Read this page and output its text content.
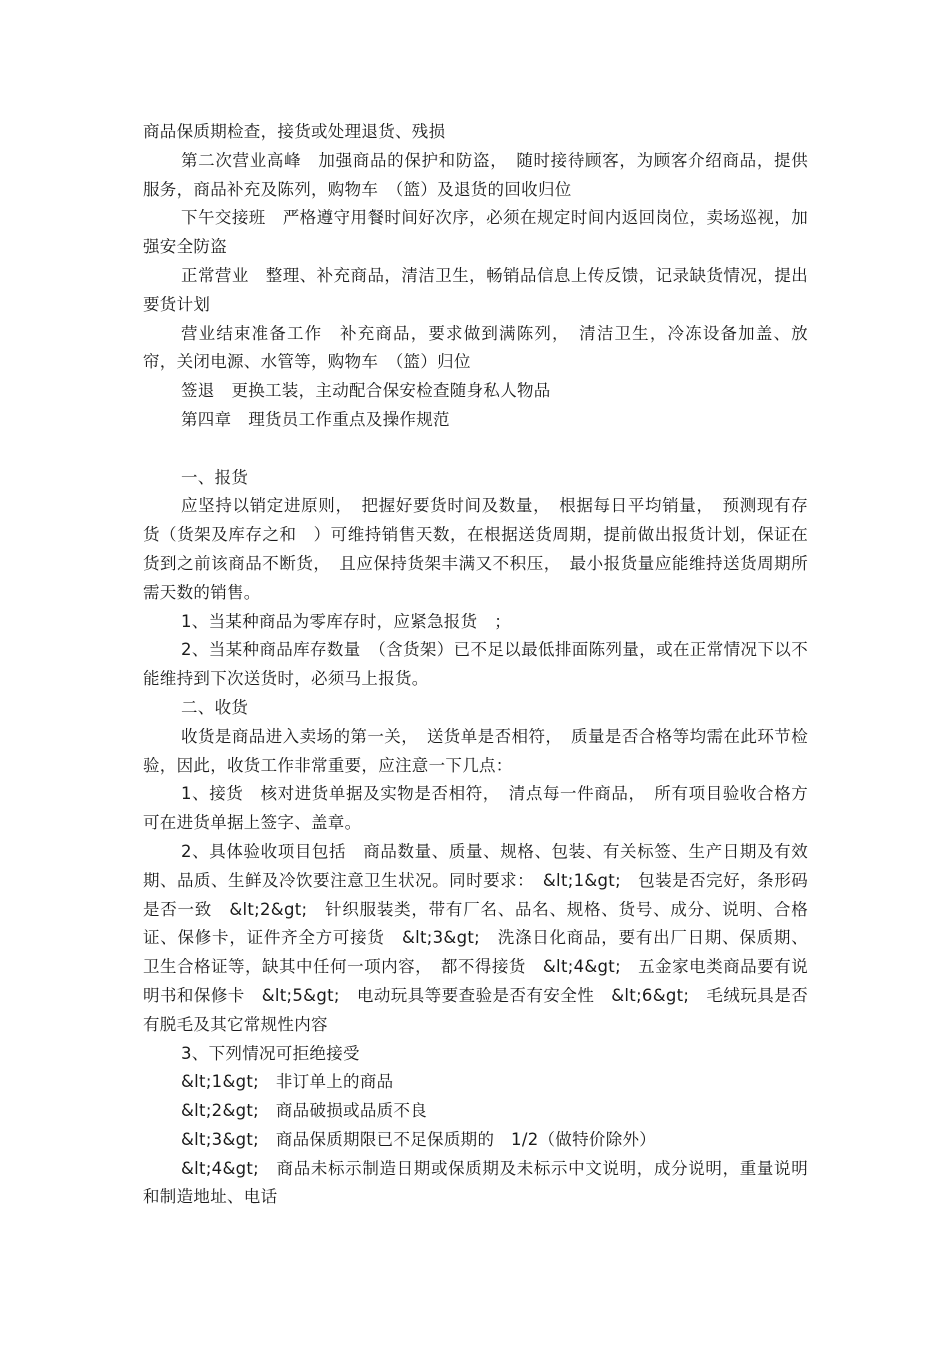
商品保质期检查，接货或处理退货、残损

第二次营业高峰　加强商品的保护和防盗，　随时接待顾客，为顾客介绍商品，提供服务，商品补充及陈列，购物车　（篮）及退货的回收归位

下午交接班　严格遵守用餐时间好次序，必须在规定时间内返回岗位，卖场巡视，加强安全防盗

正常营业　整理、补充商品，清洁卫生，畅销品信息上传反馈，记录缺货情况，提出要货计划

营业结束准备工作　补充商品，要求做到满陈列，　清洁卫生，冷冻设备加盖、放帘，关闭电源、水管等，购物车　（篮）归位

签退　更换工装，主动配合保安检查随身私人物品

第四章　理货员工作重点及操作规范

一、报货

应坚持以销定进原则，　把握好要货时间及数量，　根据每日平均销量，　预测现有存货（货架及库存之和　）可维持销售天数，在根据送货周期，提前做出报货计划，保证在货到之前该商品不断货，　且应保持货架丰满又不积压，　最小报货量应能维持送货周期所需天数的销售。

1、当某种商品为零库存时，应紧急报货　；

2、当某种商品库存数量　（含货架）已不足以最低排面陈列量，或在正常情况下以不能维持到下次送货时，必须马上报货。

二、收货

收货是商品进入卖场的第一关，　送货单是否相符，　质量是否合格等均需在此环节检验，因此，收货工作非常重要，应注意一下几点：

1、接货　核对进货单据及实物是否相符，　清点每一件商品，　所有项目验收合格方可在进货单据上签字、盖章。

2、具体验收项目包括　商品数量、质量、规格、包装、有关标签、生产日期及有效期、品质、生鲜及冷饮要注意卫生状况。同时要求：　&lt;1&gt;　包装是否完好，条形码是否一致　&lt;2&gt;　针织服装类，带有厂名、品名、规格、货号、成分、说明、合格证、保修卡，证件齐全方可接货　&lt;3&gt;　洗涤日化商品，要有出厂日期、保质期、卫生合格证等，缺其中任何一项内容，　都不得接货　&lt;4&gt;　五金家电类商品要有说明书和保修卡　&lt;5&gt;　电动玩具等要查验是否有安全性　&lt;6&gt;　毛绒玩具是否有脱毛及其它常规性内容

3、下列情况可拒绝接受

&lt;1&gt;　非订单上的商品

&lt;2&gt;　商品破损或品质不良

&lt;3&gt;　商品保质期限已不足保质期的　1/2（做特价除外）

&lt;4&gt;　商品未标示制造日期或保质期及未标示中文说明，成分说明，重量说明和制造地址、电话
